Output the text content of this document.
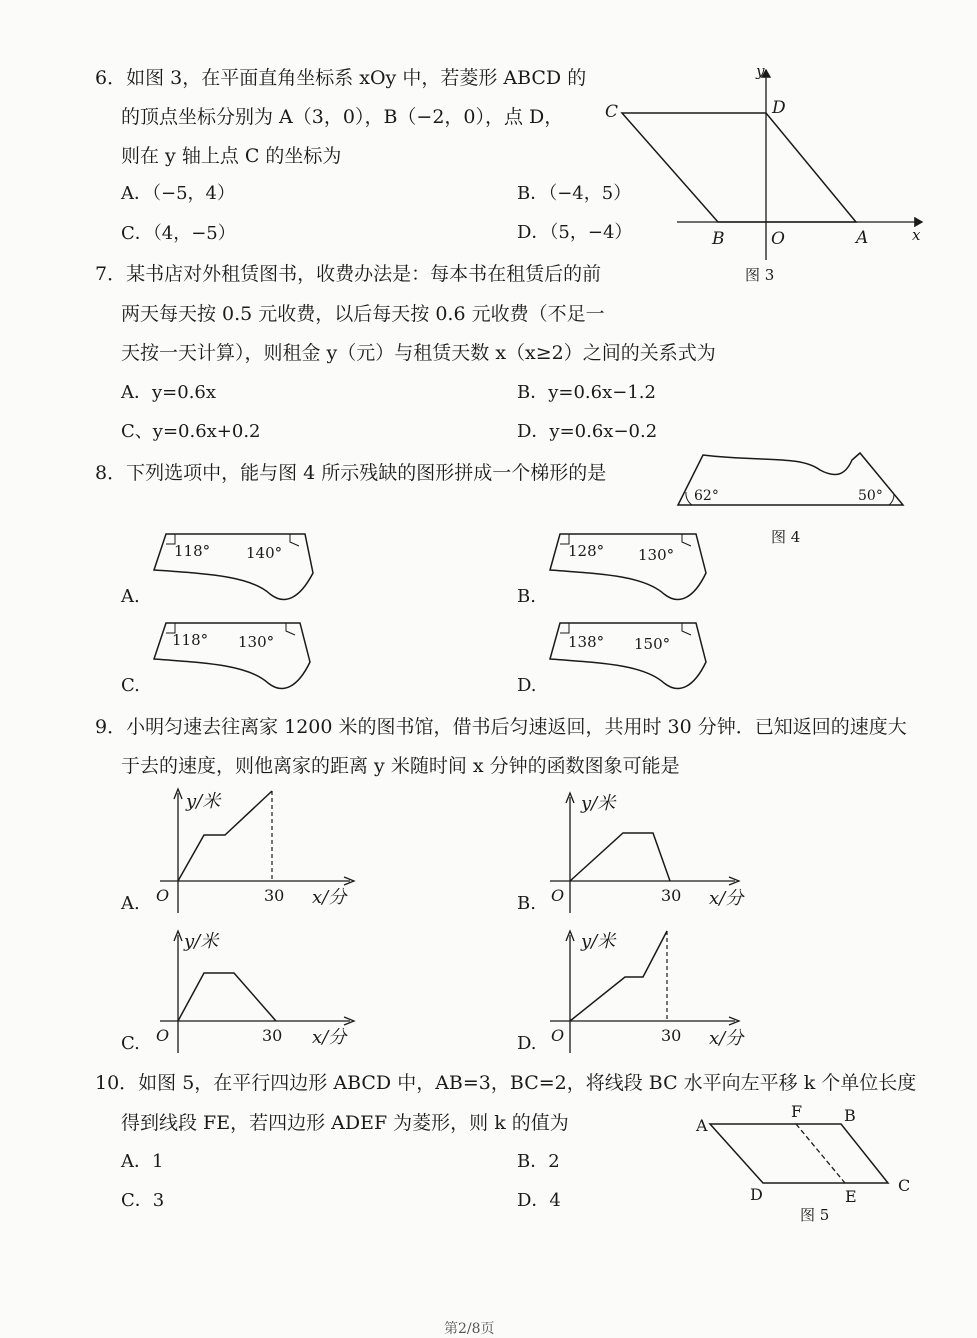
6．如图 3，在平面直角坐标系 xOy 中，若菱形 ABCD 的
的顶点坐标分别为 A（3，0），B（−2，0），点 D，
则在 y 轴上点 C 的坐标为
A．（−5，4）	B．（−4，5）
C．（4，−5）	D．（5，−4）
y
C	D
B	O	A	x
图 3
7．某书店对外租赁图书，收费办法是：每本书在租赁后的前
两天每天按 0.5 元收费，以后每天按 0.6 元收费（不足一
天按一天计算），则租金 y（元）与租赁天数 x（x≥2）之间的关系式为
A．y=0.6x	B．y=0.6x−1.2
C、y=0.6x+0.2	D．y=0.6x−0.2
8．下列选项中，能与图 4 所示残缺的图形拼成一个梯形的是
62°	50°
图 4
118° 140°
A.
128° 130°
B.
118° 130°
C.
138° 150°
D.
9．小明匀速去往离家 1200 米的图书馆，借书后匀速返回，共用时 30 分钟．已知返回的速度大
于去的速度，则他离家的距离 y 米随时间 x 分钟的函数图象可能是
y/米
O	30 x/分
A.
y/米
O	30 x/分
B.
y/米
O	30 x/分
C.
y/米
O	30 x/分
D.
10．如图 5，在平行四边形 ABCD 中，AB=3，BC=2，将线段 BC 水平向左平移 k 个单位长度
得到线段 FE，若四边形 ADEF 为菱形，则 k 的值为
A．1	B．2
C．3	D．4
A
F	B
D	E
C
图 5
第2/8页
